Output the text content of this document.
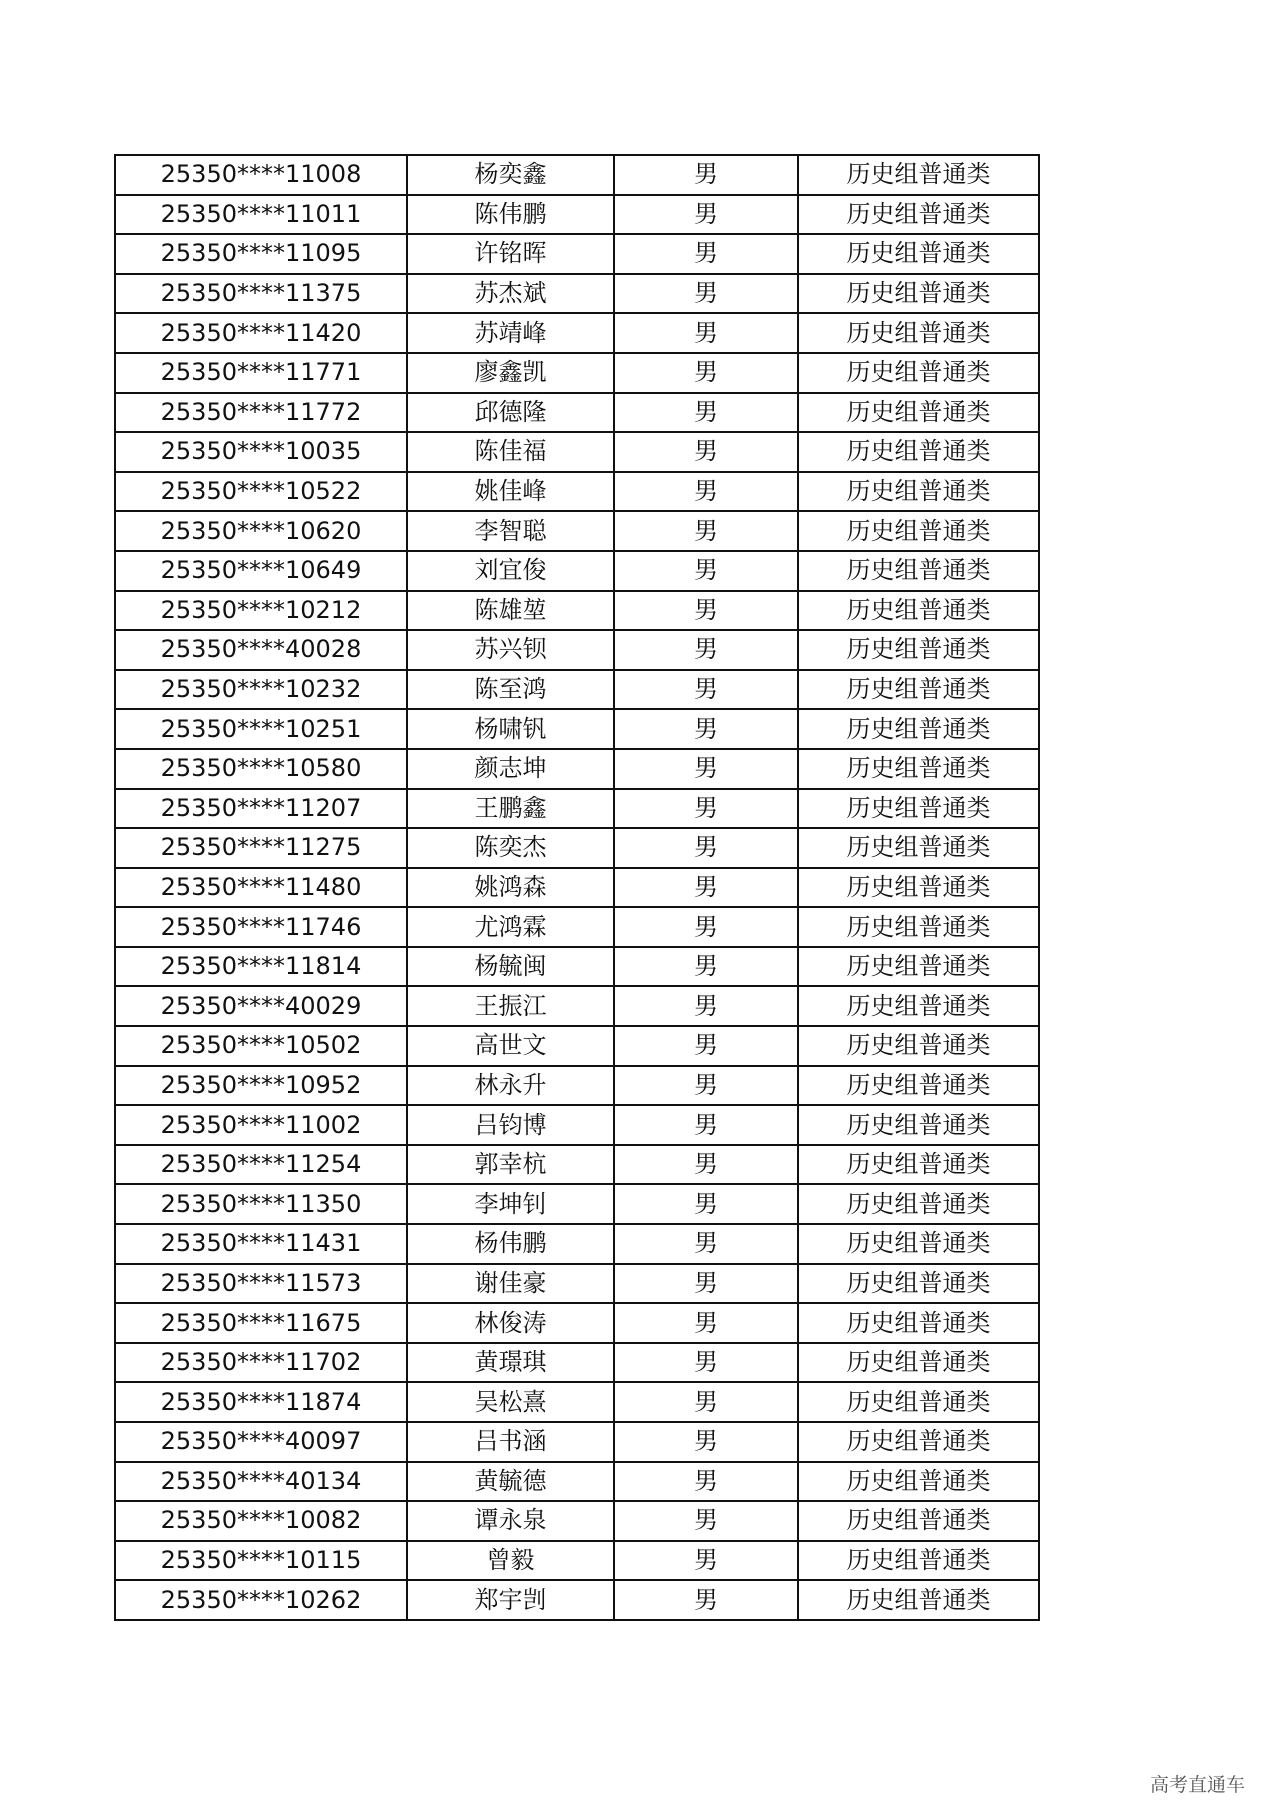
25350****11008	杨奕鑫	男	历史组普通类
25350****11011	陈伟鹏	男	历史组普通类
25350****11095	许铭晖	男	历史组普通类
25350****11375	苏杰斌	男	历史组普通类
25350****11420	苏靖峰	男	历史组普通类
25350****11771	廖鑫凯	男	历史组普通类
25350****11772	邱德隆	男	历史组普通类
25350****10035	陈佳福	男	历史组普通类
25350****10522	姚佳峰	男	历史组普通类
25350****10620	李智聪	男	历史组普通类
25350****10649	刘宜俊	男	历史组普通类
25350****10212	陈雄堃	男	历史组普通类
25350****40028	苏兴钡	男	历史组普通类
25350****10232	陈至鸿	男	历史组普通类
25350****10251	杨啸钒	男	历史组普通类
25350****10580	颜志坤	男	历史组普通类
25350****11207	王鹏鑫	男	历史组普通类
25350****11275	陈奕杰	男	历史组普通类
25350****11480	姚鸿森	男	历史组普通类
25350****11746	尤鸿霖	男	历史组普通类
25350****11814	杨毓闽	男	历史组普通类
25350****40029	王振江	男	历史组普通类
25350****10502	高世文	男	历史组普通类
25350****10952	林永升	男	历史组普通类
25350****11002	吕钧博	男	历史组普通类
25350****11254	郭幸杭	男	历史组普通类
25350****11350	李坤钊	男	历史组普通类
25350****11431	杨伟鹏	男	历史组普通类
25350****11573	谢佳豪	男	历史组普通类
25350****11675	林俊涛	男	历史组普通类
25350****11702	黄璟琪	男	历史组普通类
25350****11874	吴松熹	男	历史组普通类
25350****40097	吕书涵	男	历史组普通类
25350****40134	黄毓德	男	历史组普通类
25350****10082	谭永泉	男	历史组普通类
25350****10115	曾毅	男	历史组普通类
25350****10262	郑宇剀	男	历史组普通类
高考直通车
